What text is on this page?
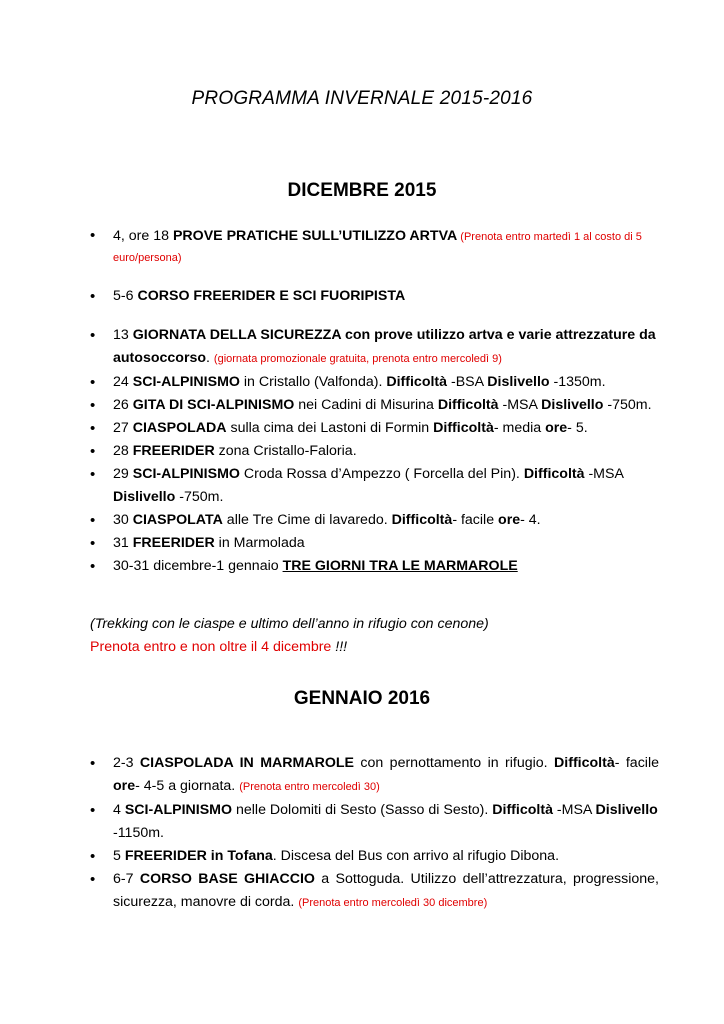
PROGRAMMA INVERNALE 2015-2016
DICEMBRE 2015
• 4, ore 18 PROVE PRATICHE SULL’UTILIZZO ARTVA (Prenota entro martedì 1 al costo di 5 euro/persona)
• 5-6 CORSO FREERIDER E SCI FUORIPISTA
• 13 GIORNATA DELLA SICUREZZA con prove utilizzo artva e varie attrezzature da autosoccorso. (giornata promozionale gratuita, prenota entro mercoledì 9)
• 24 SCI-ALPINISMO in Cristallo (Valfonda). Difficoltà -BSA Dislivello -1350m.
• 26 GITA DI SCI-ALPINISMO nei Cadini di Misurina Difficoltà -MSA Dislivello -750m.
• 27 CIASPOLADA sulla cima dei Lastoni di Formin Difficoltà- media ore- 5.
• 28 FREERIDER zona Cristallo-Faloria.
• 29 SCI-ALPINISMO Croda Rossa d’Ampezzo ( Forcella del Pin). Difficoltà -MSA Dislivello -750m.
• 30 CIASPOLATA alle Tre Cime di lavaredo. Difficoltà- facile ore- 4.
• 31 FREERIDER in Marmolada
• 30-31 dicembre-1 gennaio TRE GIORNI TRA LE MARMAROLE
(Trekking con le ciaspe e ultimo dell’anno in rifugio con cenone)
Prenota entro e non oltre il 4 dicembre !!!
GENNAIO 2016
• 2-3 CIASPOLADA IN MARMAROLE con pernottamento in rifugio. Difficoltà- facile ore- 4-5 a giornata. (Prenota entro mercoledì 30)
• 4 SCI-ALPINISMO nelle Dolomiti di Sesto (Sasso di Sesto). Difficoltà -MSA Dislivello -1150m.
• 5 FREERIDER in Tofana. Discesa del Bus con arrivo al rifugio Dibona.
• 6-7 CORSO BASE GHIACCIO a Sottoguda. Utilizzo dell’attrezzatura, progressione, sicurezza, manovre di corda. (Prenota entro mercoledì 30 dicembre)
